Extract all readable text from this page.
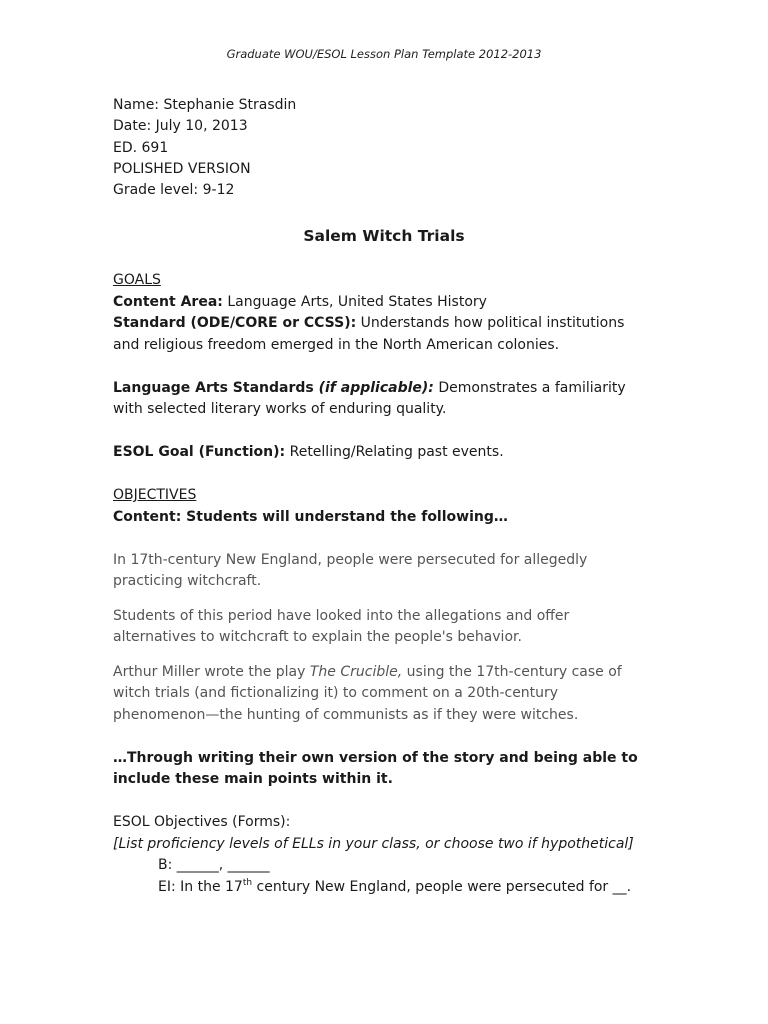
Graduate WOU/ESOL Lesson Plan Template 2012-2013
Name: Stephanie Strasdin
Date: July 10, 2013
ED. 691
POLISHED VERSION
Grade level: 9-12
Salem Witch Trials

GOALS

Content Area: Language Arts, United States History

Standard (ODE/CORE or CCSS): Understands how political institutions and religious freedom emerged in the North American colonies.

Language Arts Standards (if applicable): Demonstrates a familiarity with selected literary works of enduring quality.

ESOL Goal (Function): Retelling/Relating past events.

OBJECTIVES

Content: Students will understand the following…

In 17th-century New England, people were persecuted for allegedly practicing witchcraft.

Students of this period have looked into the allegations and offer alternatives to witchcraft to explain the people's behavior.

Arthur Miller wrote the play The Crucible, using the 17th-century case of witch trials (and fictionalizing it) to comment on a 20th-century phenomenon—the hunting of communists as if they were witches.

…Through writing their own version of the story and being able to include these main points within it.

ESOL Objectives (Forms):

[List proficiency levels of ELLs in your class, or choose two if hypothetical]

B: ______, ______

EI: In the 17th century New England, people were persecuted for __.
